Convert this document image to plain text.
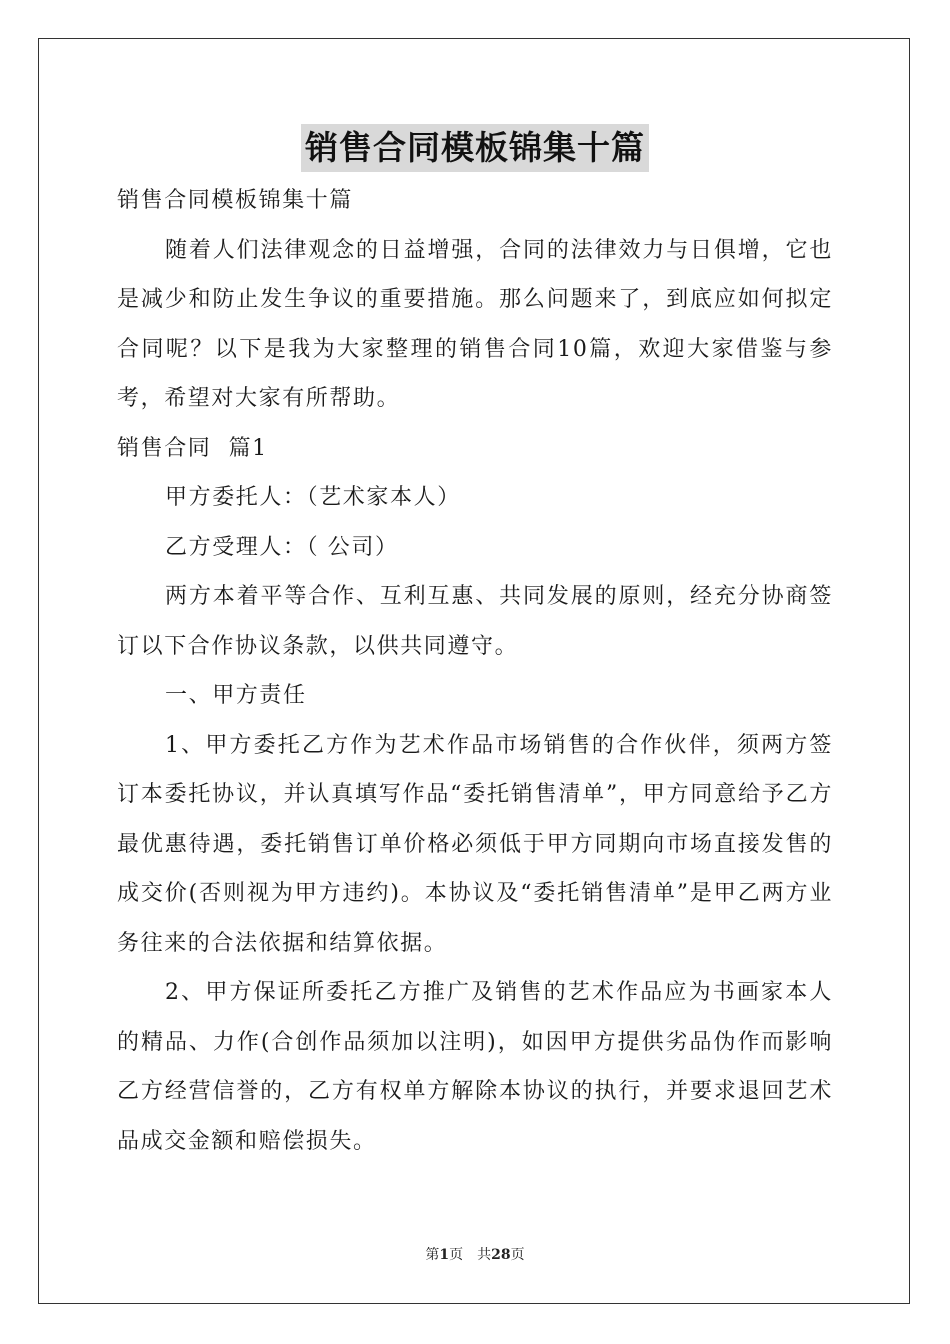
销售合同模板锦集十篇

销售合同模板锦集十篇

随着人们法律观念的日益增强，合同的法律效力与日俱增，它也是减少和防止发生争议的重要措施。那么问题来了，到底应如何拟定合同呢？以下是我为大家整理的销售合同10篇，欢迎大家借鉴与参考，希望对大家有所帮助。

销售合同  篇1

甲方委托人：（艺术家本人）

乙方受理人：（ 公司）

两方本着平等合作、互利互惠、共同发展的原则，经充分协商签订以下合作协议条款，以供共同遵守。

一、甲方责任

1、甲方委托乙方作为艺术作品市场销售的合作伙伴，须两方签订本委托协议，并认真填写作品“委托销售清单”，甲方同意给予乙方最优惠待遇，委托销售订单价格必须低于甲方同期向市场直接发售的成交价(否则视为甲方违约)。本协议及“委托销售清单”是甲乙两方业务往来的合法依据和结算依据。

2、甲方保证所委托乙方推广及销售的艺术作品应为书画家本人的精品、力作(合创作品须加以注明)，如因甲方提供劣品伪作而影响乙方经营信誉的，乙方有权单方解除本协议的执行，并要求退回艺术品成交金额和赔偿损失。

第1页　共28页
